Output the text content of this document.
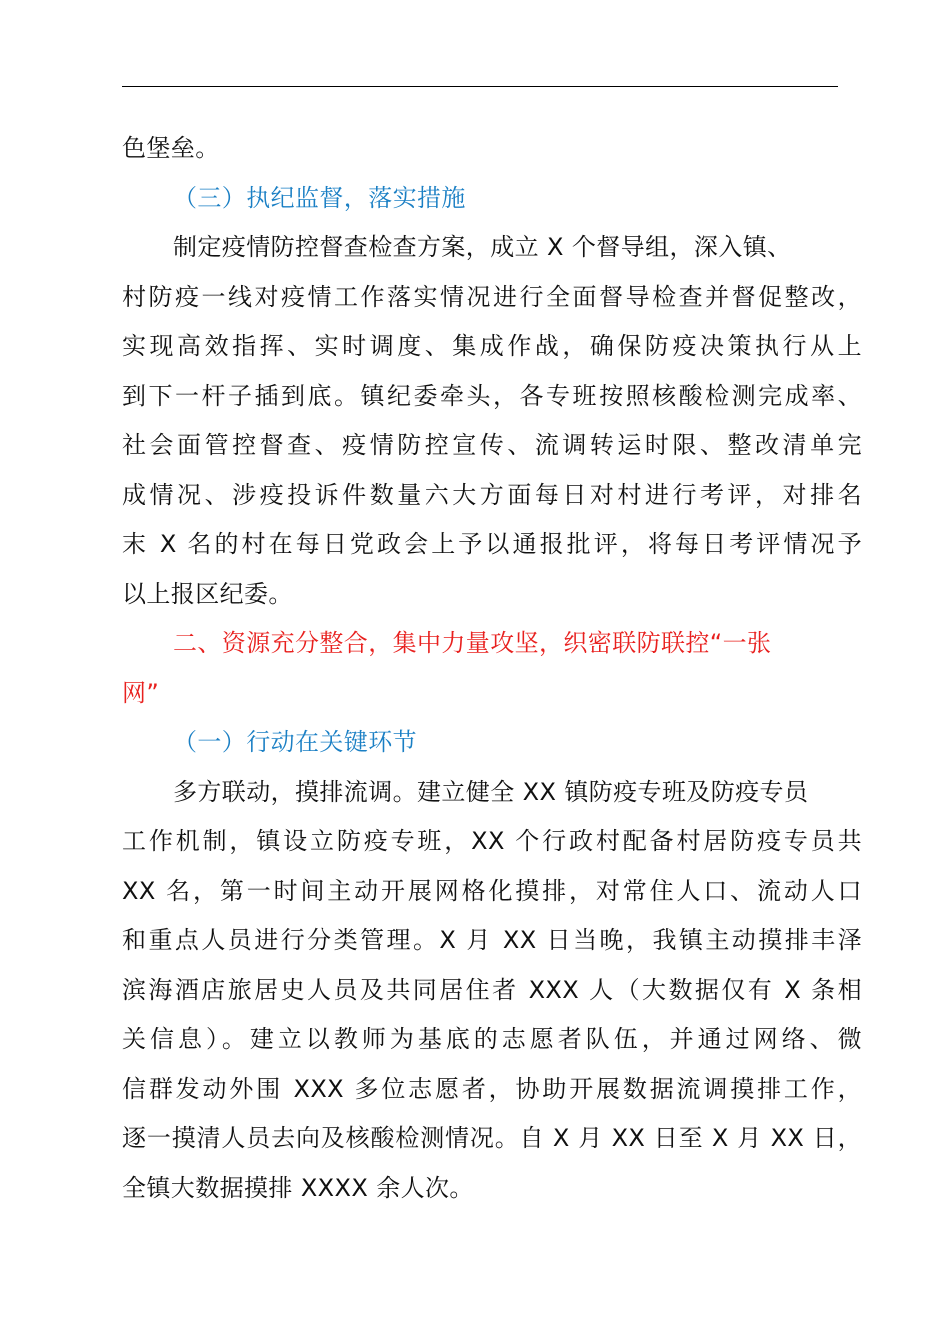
色堡垒。
（三）执纪监督，落实措施
制定疫情防控督查检查方案，成立 X 个督导组，深入镇、
村防疫一线对疫情工作落实情况进行全面督导检查并督促整改，
实现高效指挥、实时调度、集成作战，确保防疫决策执行从上
到下一杆子插到底。镇纪委牵头，各专班按照核酸检测完成率、
社会面管控督查、疫情防控宣传、流调转运时限、整改清单完
成情况、涉疫投诉件数量六大方面每日对村进行考评，对排名
末 X 名的村在每日党政会上予以通报批评，将每日考评情况予
以上报区纪委。
二、资源充分整合，集中力量攻坚，织密联防联控“一张
网”
（一）行动在关键环节
多方联动，摸排流调。建立健全 XX 镇防疫专班及防疫专员
工作机制，镇设立防疫专班，XX 个行政村配备村居防疫专员共
XX 名，第一时间主动开展网格化摸排，对常住人口、流动人口
和重点人员进行分类管理。X 月 XX 日当晚，我镇主动摸排丰泽
滨海酒店旅居史人员及共同居住者 XXX 人（大数据仅有 X 条相
关信息）。建立以教师为基底的志愿者队伍，并通过网络、微
信群发动外围 XXX 多位志愿者，协助开展数据流调摸排工作，
逐一摸清人员去向及核酸检测情况。自 X 月 XX 日至 X 月 XX 日，
全镇大数据摸排 XXXX 余人次。
